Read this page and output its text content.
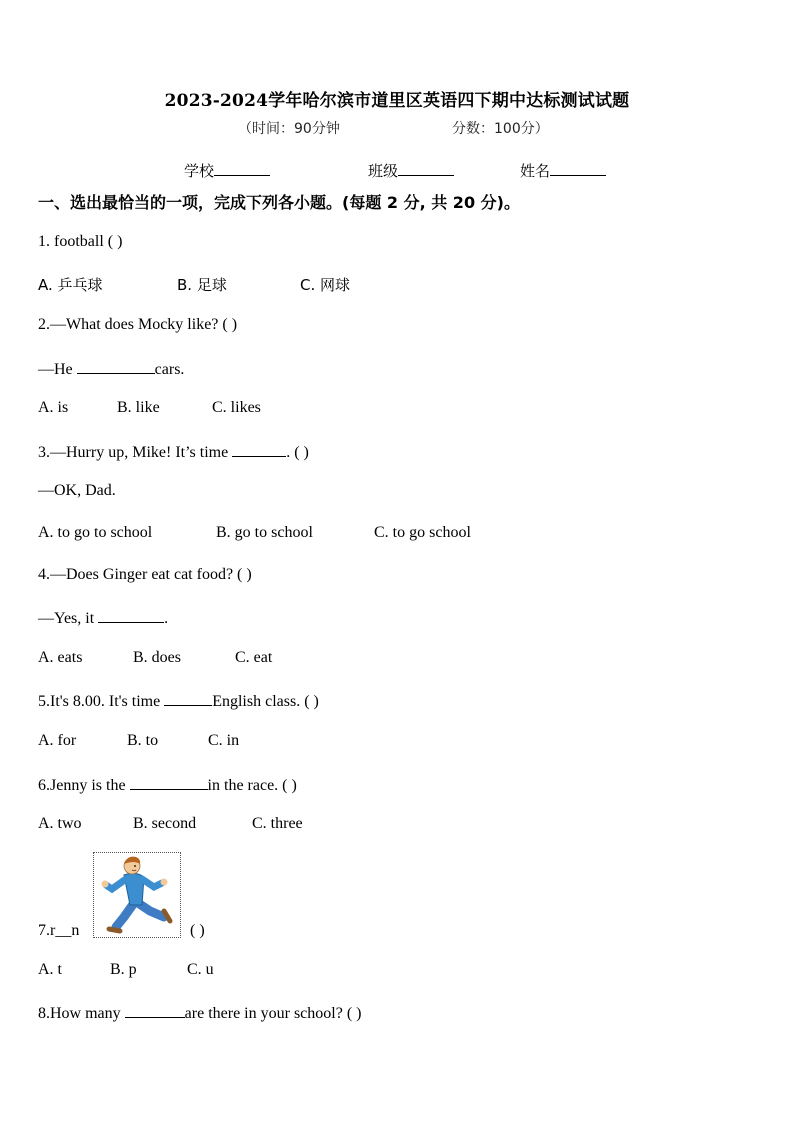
2023-2024学年哈尔滨市道里区英语四下期中达标测试试题
（时间：90分钟	分数：100分）
学校	班级	姓名
一、选出最恰当的一项，完成下列各小题。(每题 2 分, 共 20 分)。
1. football ( )
A. 乒乓球	B. 足球	C. 网球
2.—What does Mocky like? ( )
—He	cars.
A. is	B. like	C. likes
3.—Hurry up, Mike! It’s time	. ( )
—OK, Dad.
A. to go to school	B. go to school	C. to go school
4.—Does Ginger eat cat food? ( )
—Yes, it	.
A. eats	B. does	C. eat
5.It's 8.00. It's time	English class. ( )
A. for	B. to	C. in
6.Jenny is the	in the race. ( )
A. two	B. second	C. three
7.r__n	( )
A. t	B. p	C. u
8.How many	are there in your school? ( )
